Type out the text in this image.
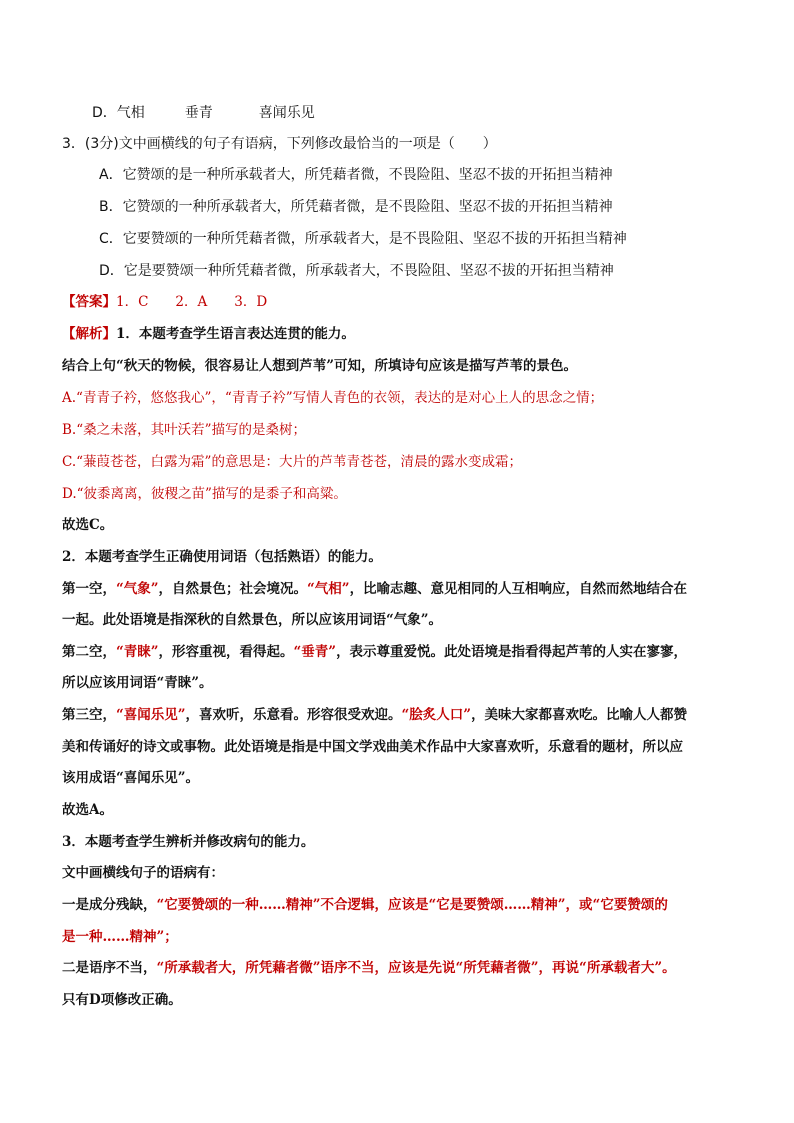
D．气相	垂青	喜闻乐见
3．(3分)文中画横线的句子有语病，下列修改最恰当的一项是（　　）
A．它赞颂的是一种所承载者大，所凭藉者微，不畏险阻、坚忍不拔的开拓担当精神
B．它赞颂的一种所承载者大，所凭藉者微，是不畏险阻、坚忍不拔的开拓担当精神
C．它要赞颂的一种所凭藉者微，所承载者大，是不畏险阻、坚忍不拔的开拓担当精神
D．它是要赞颂一种所凭藉者微，所承载者大，不畏险阻、坚忍不拔的开拓担当精神
【答案】1．C　　2．A　　3．D
【解析】1．本题考查学生语言表达连贯的能力。
结合上句“秋天的物候，很容易让人想到芦苇”可知，所填诗句应该是描写芦苇的景色。
A.“青青子衿，悠悠我心”，“青青子衿”写情人青色的衣领，表达的是对心上人的思念之情；
B.“桑之未落，其叶沃若”描写的是桑树；
C.“蒹葭苍苍，白露为霜”的意思是：大片的芦苇青苍苍，清晨的露水变成霜；
D.“彼黍离离，彼稷之苗”描写的是黍子和高粱。
故选C。
2．本题考查学生正确使用词语（包括熟语）的能力。
第一空，“气象”，自然景色；社会境况。“气相”，比喻志趣、意见相同的人互相响应，自然而然地结合在
一起。此处语境是指深秋的自然景色，所以应该用词语“气象”。
第二空，“青睐”，形容重视，看得起。“垂青”，表示尊重爱悦。此处语境是指看得起芦苇的人实在寥寥，
所以应该用词语“青睐”。
第三空，“喜闻乐见”，喜欢听，乐意看。形容很受欢迎。“脍炙人口”，美味大家都喜欢吃。比喻人人都赞
美和传诵好的诗文或事物。此处语境是指是中国文学戏曲美术作品中大家喜欢听，乐意看的题材，所以应
该用成语“喜闻乐见”。
故选A。
3．本题考查学生辨析并修改病句的能力。
文中画横线句子的语病有：
一是成分残缺，“它要赞颂的一种……精神”不合逻辑，应该是“它是要赞颂……精神”，或“它要赞颂的
是一种……精神”；
二是语序不当，“所承载者大，所凭藉者微”语序不当，应该是先说“所凭藉者微”，再说“所承载者大”。
只有D项修改正确。
